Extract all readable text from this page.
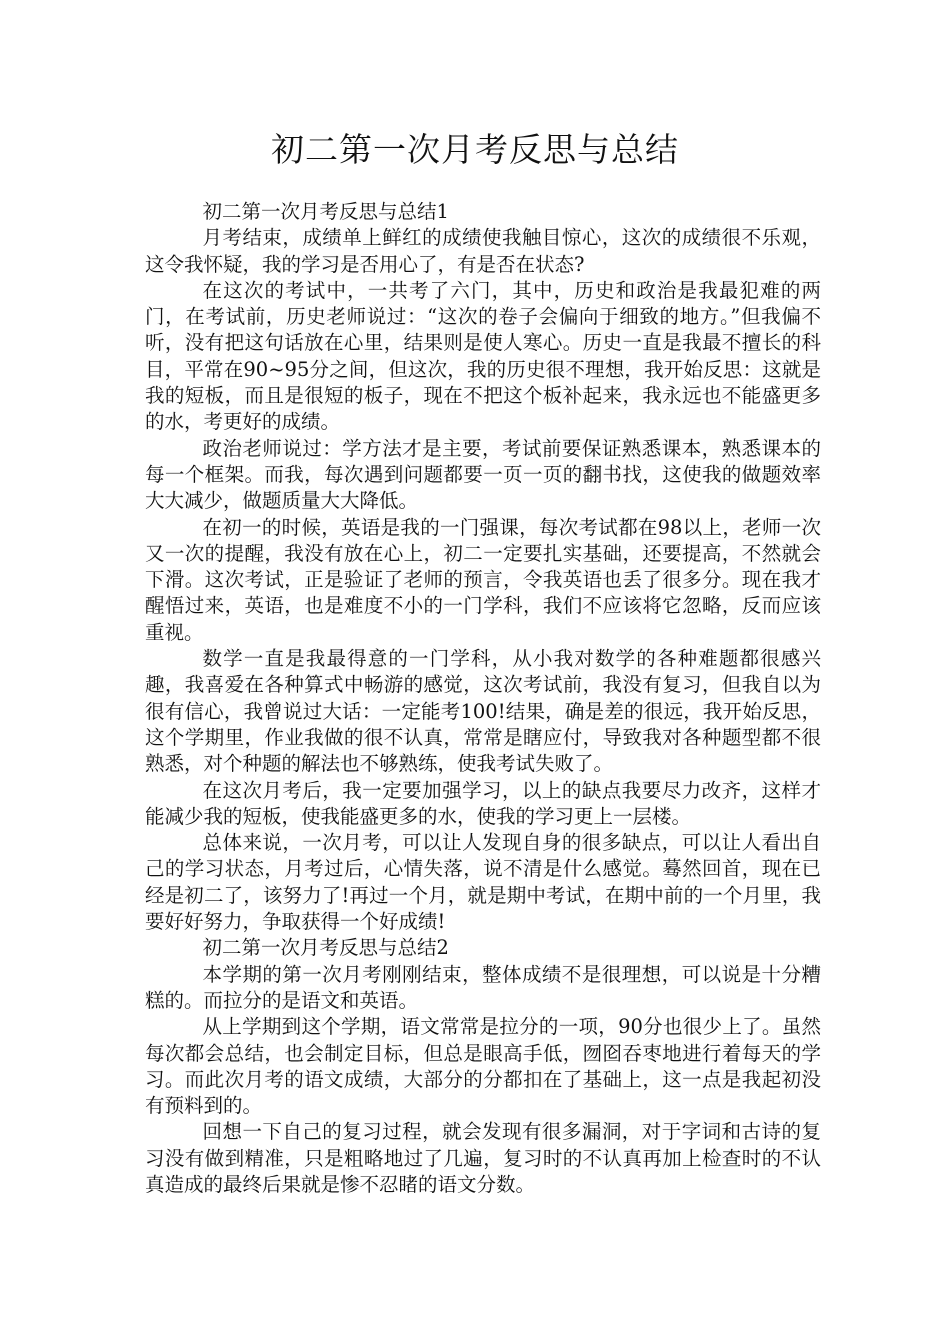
初二第一次月考反思与总结

初二第一次月考反思与总结1

月考结束，成绩单上鲜红的成绩使我触目惊心，这次的成绩很不乐观，这令我怀疑，我的学习是否用心了，有是否在状态?

在这次的考试中，一共考了六门，其中，历史和政治是我最犯难的两门，在考试前，历史老师说过：“这次的卷子会偏向于细致的地方。”但我偏不听，没有把这句话放在心里，结果则是使人寒心。历史一直是我最不擅长的科目，平常在90~95分之间，但这次，我的历史很不理想，我开始反思：这就是我的短板，而且是很短的板子，现在不把这个板补起来，我永远也不能盛更多的水，考更好的成绩。

政治老师说过：学方法才是主要，考试前要保证熟悉课本，熟悉课本的每一个框架。而我，每次遇到问题都要一页一页的翻书找，这使我的做题效率大大减少，做题质量大大降低。

在初一的时候，英语是我的一门强课，每次考试都在98以上，老师一次又一次的提醒，我没有放在心上，初二一定要扎实基础，还要提高，不然就会下滑。这次考试，正是验证了老师的预言，令我英语也丢了很多分。现在我才醒悟过来，英语，也是难度不小的一门学科，我们不应该将它忽略，反而应该重视。

数学一直是我最得意的一门学科，从小我对数学的各种难题都很感兴趣，我喜爱在各种算式中畅游的感觉，这次考试前，我没有复习，但我自以为很有信心，我曾说过大话：一定能考100!结果，确是差的很远，我开始反思，这个学期里，作业我做的很不认真，常常是瞎应付，导致我对各种题型都不很熟悉，对个种题的解法也不够熟练，使我考试失败了。

在这次月考后，我一定要加强学习，以上的缺点我要尽力改齐，这样才能减少我的短板，使我能盛更多的水，使我的学习更上一层楼。

总体来说，一次月考，可以让人发现自身的很多缺点，可以让人看出自己的学习状态，月考过后，心情失落，说不清是什么感觉。蓦然回首，现在已经是初二了，该努力了!再过一个月，就是期中考试，在期中前的一个月里，我要好好努力，争取获得一个好成绩!

初二第一次月考反思与总结2

本学期的第一次月考刚刚结束，整体成绩不是很理想，可以说是十分糟糕的。而拉分的是语文和英语。

从上学期到这个学期，语文常常是拉分的一项，90分也很少上了。虽然每次都会总结，也会制定目标，但总是眼高手低，囫囵吞枣地进行着每天的学习。而此次月考的语文成绩，大部分的分都扣在了基础上，这一点是我起初没有预料到的。

回想一下自己的复习过程，就会发现有很多漏洞，对于字词和古诗的复习没有做到精准，只是粗略地过了几遍，复习时的不认真再加上检查时的不认真造成的最终后果就是惨不忍睹的语文分数。
